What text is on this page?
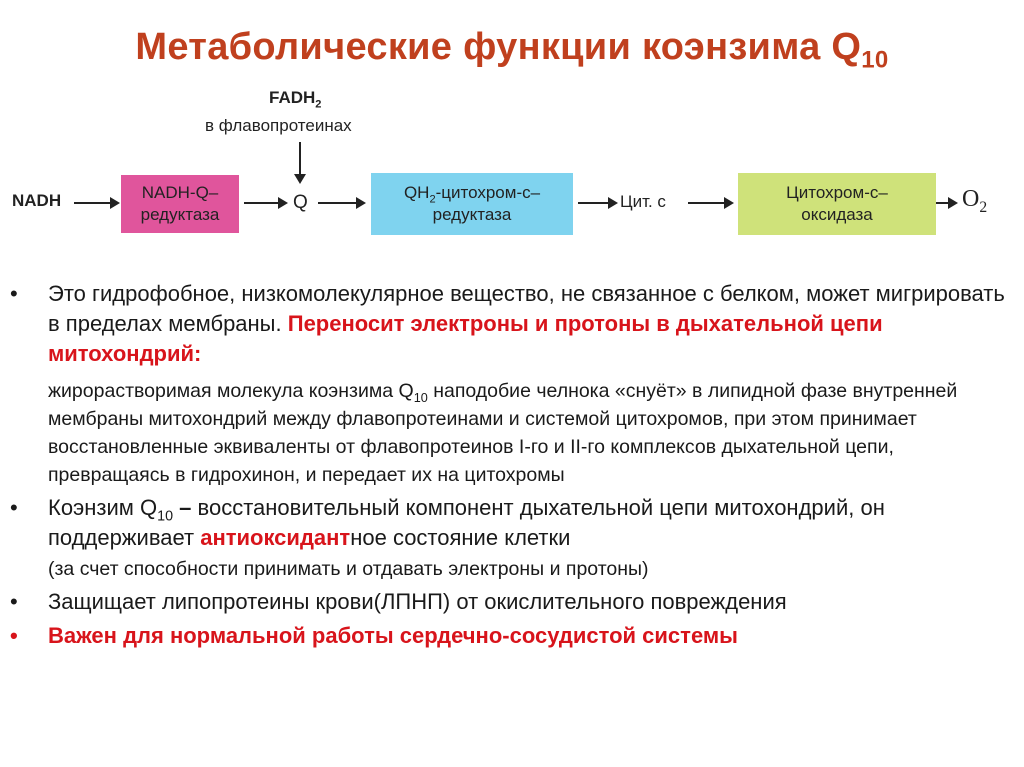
Метаболические функции коэнзима $Q_{10}$
$FADH_2$
в флавопротеинах
NADH	NADH-Q–
редуктаза
Q	$QH_2-цитохром-с-$
редуктаза
Цит. с	Цитохром-с–
оксидаза
$O_2$
•	Это гидрофобное, низкомолекулярное вещество, не связанное с белком, может мигрировать в пределах мембраны. Переносит электроны и протоны в дыхательной цепи митохондрий:
жирорастворимая молекула коэнзима $Q_{10}$ наподобие челнока «снуёт» в липидной фазе внутренней мембраны митохондрий между флавопротеинами и системой цитохромов, при этом принимает восстановленные эквиваленты от флавопротеинов I-го и II-го комплексов дыхательной цепи, превращаясь в гидрохинон, и передает их на цитохромы
•	Коэнзим $Q_{10}$ – восстановительный компонент дыхательной цепи митохондрий, он поддерживает антиоксидантное состояние клетки
(за счет способности принимать и отдавать электроны и протоны)
•	Защищает липопротеины крови(ЛПНП) от окислительного повреждения
•	Важен для нормальной работы сердечно-сосудистой системы
